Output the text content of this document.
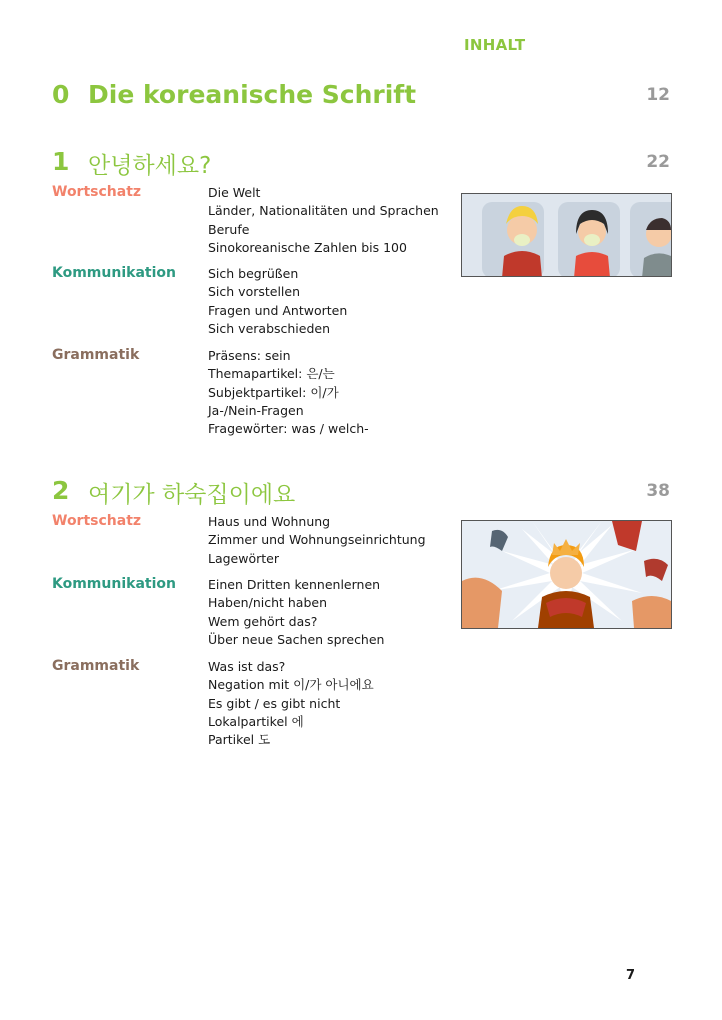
INHALT
0 Die koreanische Schrift	12
1 안녕하세요?	22
Wortschatz	Die Welt
Länder, Nationalitäten und Sprachen
Berufe
Sinokoreanische Zahlen bis 100
Kommunikation	Sich begrüßen
Sich vorstellen
Fragen und Antworten
Sich verabschieden
Grammatik	Präsens: sein
Themapartikel: 은/는
Subjektpartikel: 이/가
Ja-/Nein-Fragen
Fragewörter: was / welch-
2 여기가 하숙집이에요	38
Wortschatz	Haus und Wohnung
Zimmer und Wohnungseinrichtung
Lagewörter
Kommunikation	Einen Dritten kennenlernen
Haben/nicht haben
Wem gehört das?
Über neue Sachen sprechen
Grammatik	Was ist das?
Negation mit 이/가 아니에요
Es gibt / es gibt nicht
Lokalpartikel 에
Partikel 도
7
